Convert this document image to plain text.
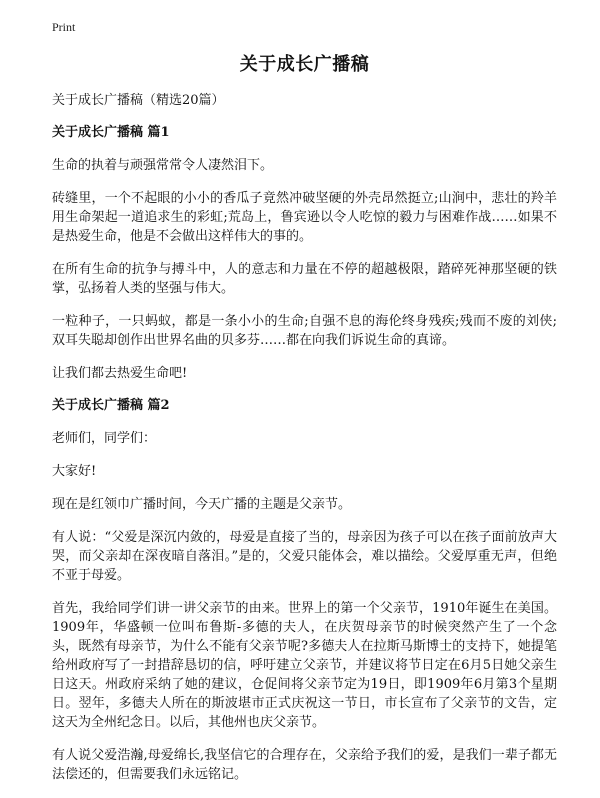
Print
关于成长广播稿

关于成长广播稿（精选20篇）

关于成长广播稿 篇1

生命的执着与顽强常常令人凄然泪下。

砖缝里，一个不起眼的小小的香瓜子竟然冲破坚硬的外壳昂然挺立;山涧中，悲壮的羚羊用生命架起一道追求生的彩虹;荒岛上，鲁宾逊以令人吃惊的毅力与困难作战……如果不是热爱生命，他是不会做出这样伟大的事的。

在所有生命的抗争与搏斗中，人的意志和力量在不停的超越极限，踏碎死神那坚硬的铁掌，弘扬着人类的坚强与伟大。

一粒种子，一只蚂蚁，都是一条小小的生命;自强不息的海伦终身残疾;残而不废的刘侠;双耳失聪却创作出世界名曲的贝多芬……都在向我们诉说生命的真谛。

让我们都去热爱生命吧!

关于成长广播稿 篇2

老师们，同学们：

大家好!

现在是红领巾广播时间，今天广播的主题是父亲节。

有人说：“父爱是深沉内敛的，母爱是直接了当的，母亲因为孩子可以在孩子面前放声大哭，而父亲却在深夜暗自落泪。”是的，父爱只能体会，难以描绘。父爱厚重无声，但绝不亚于母爱。

首先，我给同学们讲一讲父亲节的由来。世界上的第一个父亲节，1910年诞生在美国。1909年，华盛顿一位叫布鲁斯-多德的夫人，在庆贺母亲节的时候突然产生了一个念头，既然有母亲节，为什么不能有父亲节呢?多德夫人在拉斯马斯博士的支持下，她提笔给州政府写了一封措辞恳切的信，呼吁建立父亲节，并建议将节日定在6月5日她父亲生日这天。州政府采纳了她的建议，仓促间将父亲节定为19日，即1909年6月第3个星期日。翌年，多德夫人所在的斯波堪市正式庆祝这一节日，市长宣布了父亲节的文告，定这天为全州纪念日。以后，其他州也庆父亲节。

有人说父爱浩瀚,母爱绵长,我坚信它的合理存在，父亲给予我们的爱，是我们一辈子都无法偿还的，但需要我们永远铭记。
